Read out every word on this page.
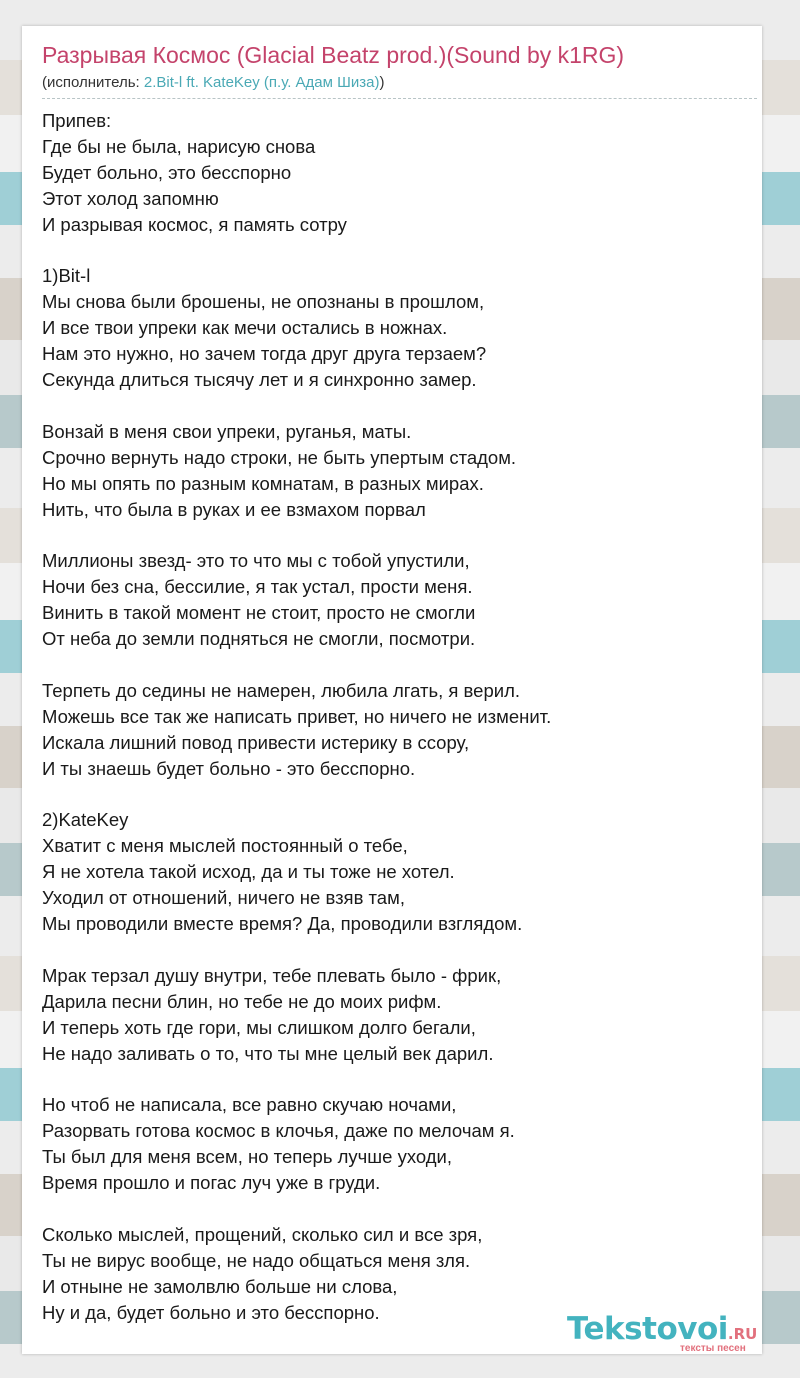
Разрывая Космос (Glacial Beatz prod.)(Sound by k1RG)
(исполнитель: 2.Bit-l ft. KateKey (п.у. Адам Шиза))
Припев:
Где бы не была, нарисую снова
Будет больно, это бесспорно
Этот холод запомню
И разрывая космос, я память сотру

1)Bit-l
Мы снова были брошены, не опознаны в прошлом,
И все твои упреки как мечи остались в ножнах.
Нам это нужно, но зачем тогда друг друга терзаем?
Секунда длиться тысячу лет и я синхронно замер.

Вонзай в меня свои упреки, ругань​я, маты.
Срочно вернуть надо строки, не быть упертым стадом.
Но мы опять по разным комнатам, в разных мирах.
Нить, что была в руках и ее взмахом порвал

Миллионы звезд- это то что мы с тобой упустили,
Ночи без сна, бессилие, я так устал, прости меня.
Винить в такой момент не стоит, просто не смогли
От неба до земли подняться не смогли, посмотри.

Терпеть до седины не намерен, любила лгать, я верил.
Можешь все так же написать привет, но ничего не изменит.
Искала лишний повод привести истерику в ссору,
И ты знаешь будет больно - это бесспорно.

2)KateKey
Хватит с меня мыслей постоянный о тебе,
Я не хотела такой исход, да и ты тоже не хотел.
Уходил от отношений, ничего не взяв там,
Мы проводили вместе время? Да, проводили взглядом.

Мрак терзал душу внутри, тебе плевать было - фрик,
Дарила песни блин, но тебе не до моих рифм.
И теперь хоть где гори, мы слишком долго бегали,
Не надо заливать о то, что ты мне целый век дарил.

Но чтоб не написала, все равно скучаю ночами,
Разорвать готова космос в клочья, даже по мелочам я.
Ты был для меня всем, но теперь лучше уходи,
Время прошло и погас луч уже в груди.

Сколько мыслей, прощений, сколько сил и все зря,
Ты не вирус вообще, не надо общаться меня зля.
И отныне не замолвлю больше ни слова,
Ну и да, будет больно и это бесспорно.	Tekstovoi.RU
тексты песен
